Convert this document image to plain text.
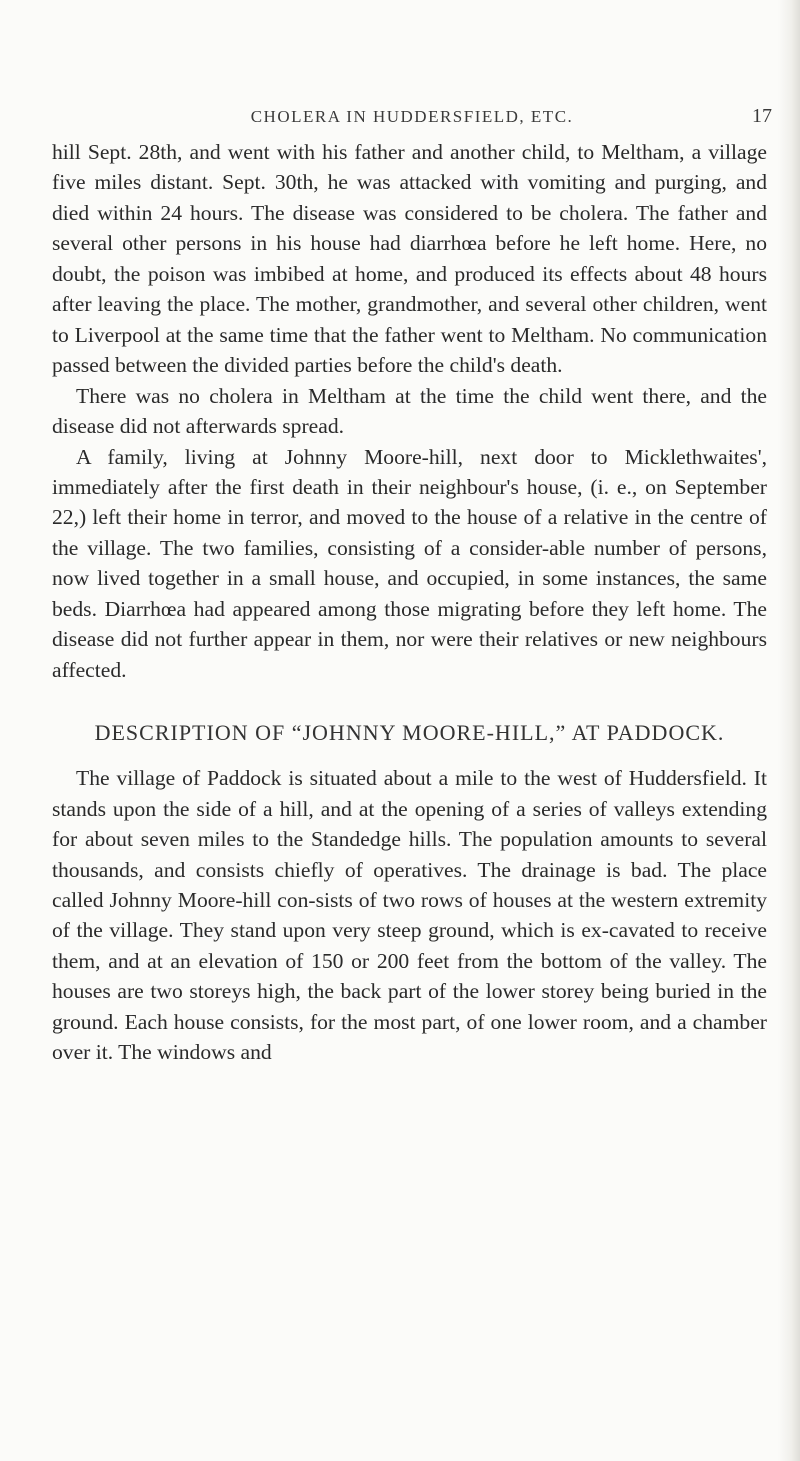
CHOLERA IN HUDDERSFIELD, ETC.	17

hill Sept. 28th, and went with his father and another child, to Meltham, a village five miles distant. Sept. 30th, he was attacked with vomiting and purging, and died within 24 hours. The disease was considered to be cholera. The father and several other persons in his house had diarrhœa before he left home. Here, no doubt, the poison was imbibed at home, and produced its effects about 48 hours after leaving the place. The mother, grandmother, and several other children, went to Liverpool at the same time that the father went to Meltham. No communication passed between the divided parties before the child's death.

There was no cholera in Meltham at the time the child went there, and the disease did not afterwards spread.

A family, living at Johnny Moore-hill, next door to Micklethwaites', immediately after the first death in their neighbour's house, (i. e., on September 22,) left their home in terror, and moved to the house of a relative in the centre of the village. The two families, consisting of a consider-able number of persons, now lived together in a small house, and occupied, in some instances, the same beds. Diarrhœa had appeared among those migrating before they left home. The disease did not further appear in them, nor were their relatives or new neighbours affected.

DESCRIPTION OF “JOHNNY MOORE-HILL,” AT PADDOCK.

The village of Paddock is situated about a mile to the west of Huddersfield. It stands upon the side of a hill, and at the opening of a series of valleys extending for about seven miles to the Standedge hills. The population amounts to several thousands, and consists chiefly of operatives. The drainage is bad. The place called Johnny Moore-hill con-sists of two rows of houses at the western extremity of the village. They stand upon very steep ground, which is ex-cavated to receive them, and at an elevation of 150 or 200 feet from the bottom of the valley. The houses are two storeys high, the back part of the lower storey being buried in the ground. Each house consists, for the most part, of one lower room, and a chamber over it. The windows and
